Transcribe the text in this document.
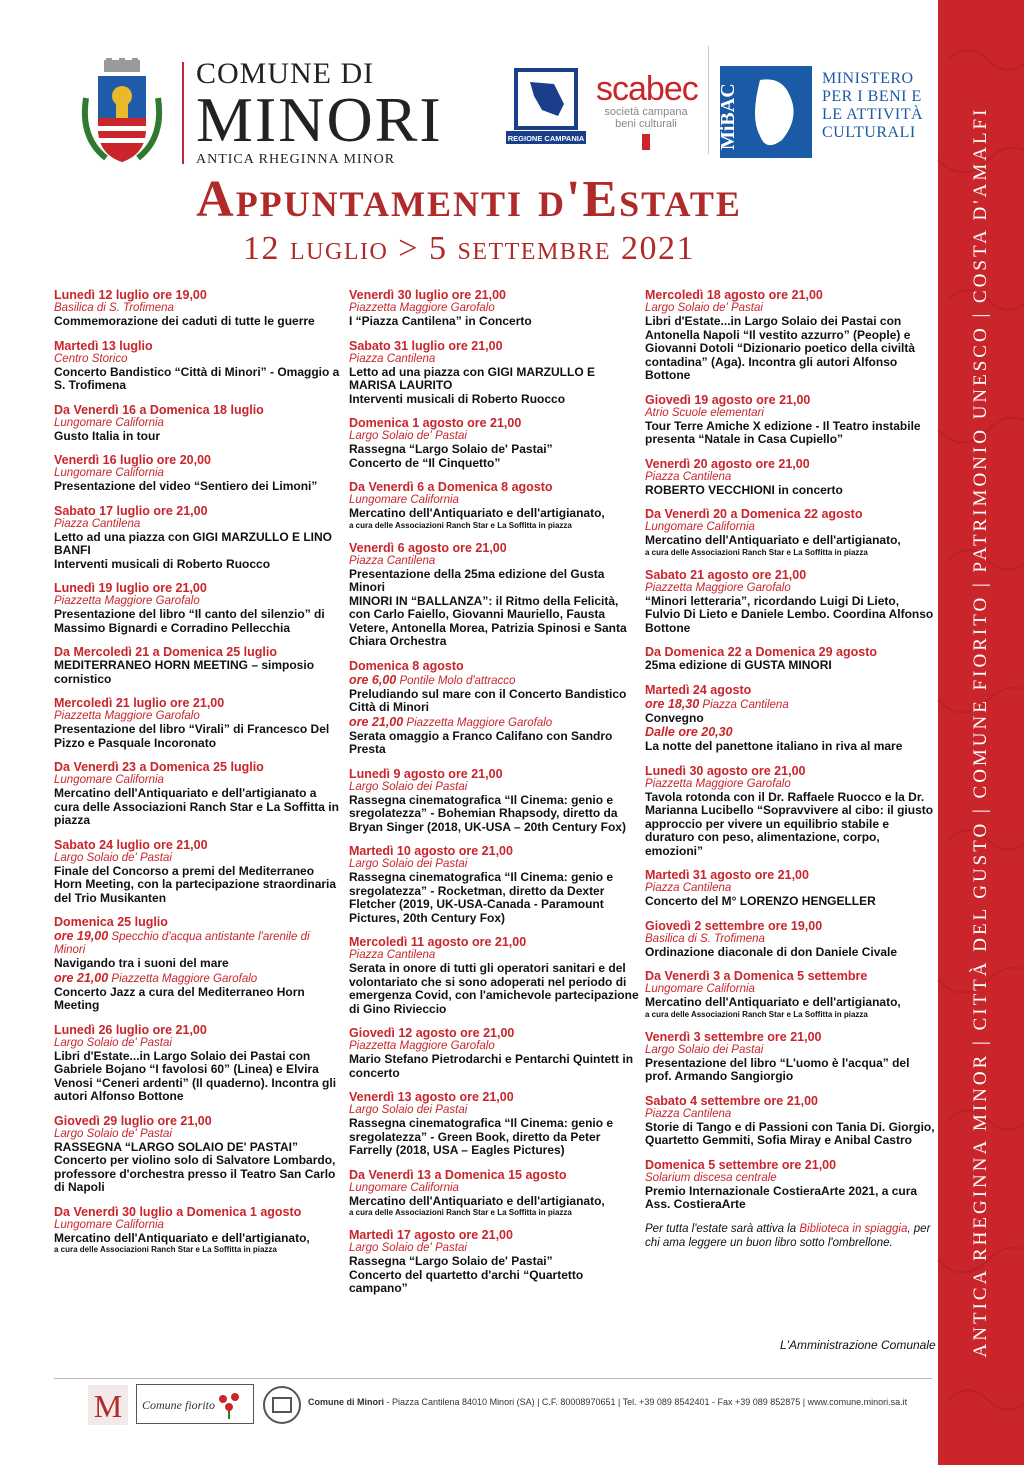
ANTICA RHEGINNA MINOR | CITTÀ DEL GUSTO | COMUNE FIORITO | PATRIMONIO UNESCO | COSTA D'AMALFI
COMUNE DI
MINORI
ANTICA RHEGINNA MINOR
REGIONE CAMPANIA
scabec
società campana
beni culturali	MiBAC
MINISTERO
PER I BENI E
LE ATTIVITÀ
CULTURALI
Appuntamenti d'Estate
12 luglio > 5 settembre 2021
Lunedì 12 luglio ore 19,00
Basilica di S. Trofimena
Commemorazione dei caduti di tutte le guerre
Martedì 13 luglio
Centro Storico
Concerto Bandistico “Città di Minori” - Omaggio a S. Trofimena
Da Venerdì 16 a Domenica 18 luglio
Lungomare California
Gusto Italia in tour
Venerdì 16 luglio ore 20,00
Lungomare California
Presentazione del video “Sentiero dei Limoni”
Sabato 17 luglio ore 21,00
Piazza Cantilena
Letto ad una piazza con GIGI MARZULLO E LINO BANFI
Interventi musicali di Roberto Ruocco
Lunedì 19 luglio ore 21,00
Piazzetta Maggiore Garofalo
Presentazione del libro “Il canto del silenzio” di Massimo Bignardi e Corradino Pellecchia
Da Mercoledì 21 a Domenica 25 luglio
MEDITERRANEO HORN MEETING – simposio cornistico
Mercoledì 21 luglio ore 21,00
Piazzetta Maggiore Garofalo
Presentazione del libro “Virali” di Francesco Del Pizzo e Pasquale Incoronato
Da Venerdì 23 a Domenica 25 luglio
Lungomare California
Mercatino dell'Antiquariato e dell'artigianato a cura delle Associazioni Ranch Star e La Soffitta in piazza
Sabato 24 luglio ore 21,00
Largo Solaio de' Pastai
Finale del Concorso a premi del Mediterraneo Horn Meeting, con la partecipazione straordinaria del Trio Musikanten
Domenica 25 luglio
ore 19,00 Specchio d'acqua antistante l'arenile di Minori
Navigando tra i suoni del mare
ore 21,00 Piazzetta Maggiore Garofalo
Concerto Jazz a cura del Mediterraneo Horn Meeting
Lunedì 26 luglio ore 21,00
Largo Solaio de' Pastai
Libri d'Estate...in Largo Solaio dei Pastai con Gabriele Bojano “I favolosi 60” (Linea) e Elvira Venosi “Ceneri ardenti” (Il quaderno). Incontra gli autori Alfonso Bottone
Giovedì 29 luglio ore 21,00
Largo Solaio de' Pastai
RASSEGNA “LARGO SOLAIO DE' PASTAI”
Concerto per violino solo di Salvatore Lombardo, professore d'orchestra presso il Teatro San Carlo di Napoli
Da Venerdì 30 luglio a Domenica 1 agosto
Lungomare California
Mercatino dell'Antiquariato e dell'artigianato,
a cura delle Associazioni Ranch Star e La Soffitta in piazza
Venerdì 30 luglio ore 21,00
Piazzetta Maggiore Garofalo
I “Piazza Cantilena” in Concerto
Sabato 31 luglio ore 21,00
Piazza Cantilena
Letto ad una piazza con GIGI MARZULLO E MARISA LAURITO
Interventi musicali di Roberto Ruocco
Domenica 1 agosto ore 21,00
Largo Solaio de' Pastai
Rassegna “Largo Solaio de' Pastai”
Concerto de “Il Cinquetto”
Da Venerdì 6 a Domenica 8 agosto
Lungomare California
Mercatino dell'Antiquariato e dell'artigianato,
a cura delle Associazioni Ranch Star e La Soffitta in piazza
Venerdì 6 agosto ore 21,00
Piazza Cantilena
Presentazione della 25ma edizione del Gusta Minori
MINORI IN “BALLANZA”: il Ritmo della Felicità, con Carlo Faiello, Giovanni Mauriello, Fausta Vetere, Antonella Morea, Patrizia Spinosi e Santa Chiara Orchestra
Domenica 8 agosto
ore 6,00 Pontile Molo d'attracco
Preludiando sul mare con il Concerto Bandistico Città di Minori
ore 21,00 Piazzetta Maggiore Garofalo
Serata omaggio a Franco Califano con Sandro Presta
Lunedì 9 agosto ore 21,00
Largo Solaio dei Pastai
Rassegna cinematografica “Il Cinema: genio e sregolatezza” - Bohemian Rhapsody, diretto da Bryan Singer (2018, UK-USA – 20th Century Fox)
Martedì 10 agosto ore 21,00
Largo Solaio dei Pastai
Rassegna cinematografica “Il Cinema: genio e sregolatezza” - Rocketman, diretto da Dexter Fletcher (2019, UK-USA-Canada - Paramount Pictures, 20th Century Fox)
Mercoledì 11 agosto ore 21,00
Piazza Cantilena
Serata in onore di tutti gli operatori sanitari e del volontariato che si sono adoperati nel periodo di emergenza Covid, con l'amichevole partecipazione di Gino Rivieccio
Giovedì 12 agosto ore 21,00
Piazzetta Maggiore Garofalo
Mario Stefano Pietrodarchi e Pentarchi Quintett in concerto
Venerdì 13 agosto ore 21,00
Largo Solaio dei Pastai
Rassegna cinematografica “Il Cinema: genio e sregolatezza” - Green Book, diretto da Peter Farrelly (2018, USA – Eagles Pictures)
Da Venerdì 13 a Domenica 15 agosto
Lungomare California
Mercatino dell'Antiquariato e dell'artigianato,
a cura delle Associazioni Ranch Star e La Soffitta in piazza
Martedì 17 agosto ore 21,00
Largo Solaio de' Pastai
Rassegna “Largo Solaio de' Pastai”
Concerto del quartetto d'archi “Quartetto campano”
Mercoledì 18 agosto ore 21,00
Largo Solaio de' Pastai
Libri d'Estate...in Largo Solaio dei Pastai con Antonella Napoli “Il vestito azzurro” (People) e Giovanni Dotoli “Dizionario poetico della civiltà contadina” (Aga). Incontra gli autori Alfonso Bottone
Giovedì 19 agosto ore 21,00
Atrio Scuole elementari
Tour Terre Amiche X edizione - Il Teatro instabile presenta “Natale in Casa Cupiello”
Venerdì 20 agosto ore 21,00
Piazza Cantilena
ROBERTO VECCHIONI in concerto
Da Venerdì 20 a Domenica 22 agosto
Lungomare California
Mercatino dell'Antiquariato e dell'artigianato,
a cura delle Associazioni Ranch Star e La Soffitta in piazza
Sabato 21 agosto ore 21,00
Piazzetta Maggiore Garofalo
“Minori letteraria”, ricordando Luigi Di Lieto, Fulvio Di Lieto e Daniele Lembo. Coordina Alfonso Bottone
Da Domenica 22 a Domenica 29 agosto
25ma edizione di GUSTA MINORI
Martedì 24 agosto
ore 18,30 Piazza Cantilena
Convegno
Dalle ore 20,30
La notte del panettone italiano in riva al mare
Lunedì 30 agosto ore 21,00
Piazzetta Maggiore Garofalo
Tavola rotonda con il Dr. Raffaele Ruocco e la Dr. Marianna Lucibello “Sopravvivere al cibo: il giusto approccio per vivere un equilibrio stabile e duraturo con peso, alimentazione, corpo, emozioni”
Martedì 31 agosto ore 21,00
Piazza Cantilena
Concerto del M° LORENZO HENGELLER
Giovedì 2 settembre ore 19,00
Basilica di S. Trofimena
Ordinazione diaconale di don Daniele Civale
Da Venerdì 3 a Domenica 5 settembre
Lungomare California
Mercatino dell'Antiquariato e dell'artigianato,
a cura delle Associazioni Ranch Star e La Soffitta in piazza
Venerdì 3 settembre ore 21,00
Largo Solaio dei Pastai
Presentazione del libro “L'uomo è l'acqua” del prof. Armando Sangiorgio
Sabato 4 settembre ore 21,00
Piazza Cantilena
Storie di Tango e di Passioni con Tania Di. Giorgio, Quartetto Gemmiti, Sofia Miray e Anibal Castro
Domenica 5 settembre ore 21,00
Solarium discesa centrale
Premio Internazionale CostieraArte 2021, a cura Ass. CostieraArte
Per tutta l'estate sarà attiva la Biblioteca in spiaggia, per chi ama leggere un buon libro sotto l'ombrellone.
L'Amministrazione Comunale
M Comune fiorito	Comune di Minori - Piazza Cantilena 84010 Minori (SA) | C.F. 80008970651 | Tel. +39 089 8542401 - Fax +39 089 852875 | www.comune.minori.sa.it
